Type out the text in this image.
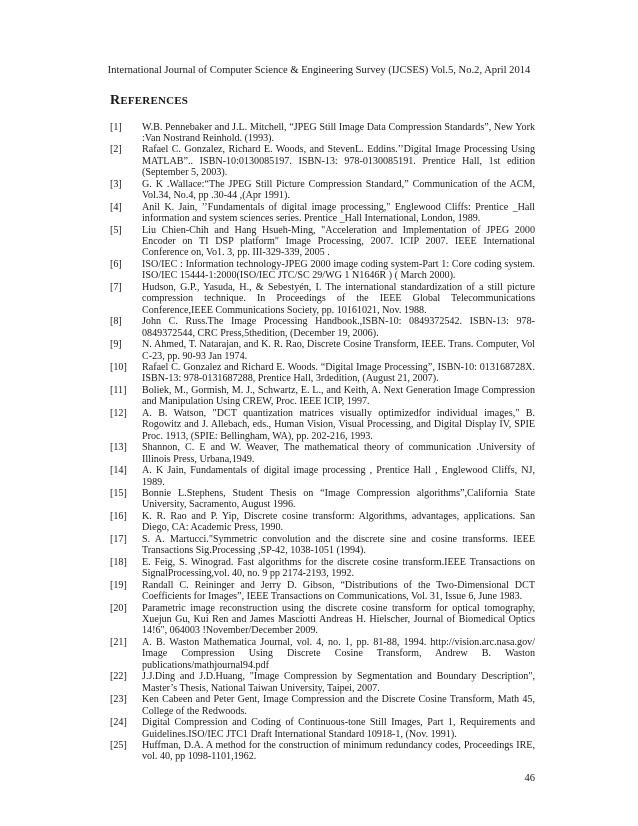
International Journal of Computer Science & Engineering Survey (IJCSES) Vol.5, No.2, April 2014
REFERENCES
[1]	W.B. Pennebaker and J.L. Mitchell, “JPEG Still Image Data Compression Standards”, New York :Van Nostrand Reinhold. (1993).
[2]	Rafael C. Gonzalez, Richard E. Woods, and StevenL. Eddins.’’Digital Image Processing Using MATLAB”.. ISBN-10:0130085197. ISBN-13: 978-0130085191. Prentice Hall, 1st edition (September 5, 2003).
[3]	G. K .Wallace:“The JPEG Still Picture Compression Standard,” Communication of the ACM, Vol.34, No.4, pp .30-44 ,(Apr 1991).
[4]	Anil K. Jain, ’’Fundamentals of digital image processing," Englewood Cliffs: Prentice _Hall information and system sciences series. Prentice _Hall International, London, 1989.
[5]	Liu Chien-Chih and Hang Hsueh-Ming, "Acceleration and Implementation of JPEG 2000 Encoder on TI DSP platform" Image Processing, 2007. ICIP 2007. IEEE International Conference on, Vo1. 3, pp. III-329-339, 2005 .
[6]	ISO/IEC : Information technology-JPEG 2000 image coding system-Part 1: Core coding system. ISO/IEC 15444-1:2000(ISO/IEC JTC/SC 29/WG 1 N1646R ) ( March 2000).
[7]	Hudson, G.P., Yasuda, H., & Sebestyén, I. The international standardization of a still picture compression technique. In Proceedings of the IEEE Global Telecommunications Conference,IEEE Communications Society, pp. 10161021, Nov. 1988.
[8]	John C. Russ.The Image Processing Handbook.,ISBN-10: 0849372542. ISBN-13: 978- 0849372544, CRC Press,5thedition, (December 19, 2006).
[9]	N. Ahmed, T. Natarajan, and K. R. Rao, Discrete Cosine Transform, IEEE. Trans. Computer, Vol C-23, pp. 90-93 Jan 1974.
[10]	Rafael C. Gonzalez and Richard E. Woods. “Digital Image Processing”, ISBN-10: 013168728X. ISBN-13: 978-0131687288, Prentice Hall, 3rdedition, (August 21, 2007).
[11]	Boliek, M., Gormish, M. J., Schwartz, E. L., and Keith, A. Next Generation Image Compression and Manipulation Using CREW, Proc. IEEE ICIP, 1997.
[12]	A. B. Watson, "DCT quantization matrices visually optimizedfor individual images," B. Rogowitz and J. Allebach, eds., Human Vision, Visual Processing, and Digital Display IV, SPIE Proc. 1913, (SPIE: Bellingham, WA), pp. 202-216, 1993.
[13]	Shannon, C. E and W. Weaver, The mathematical theory of communication .University of Illinois Press, Urbana,1949.
[14]	A. K Jain, Fundamentals of digital image processing , Prentice Hall , Englewood Cliffs, NJ, 1989.
[15]	Bonnie L.Stephens, Student Thesis on “Image Compression algorithms”,California State University, Sacramento, August 1996.
[16]	K. R. Rao and P. Yip, Discrete cosine transform: Algorithms, advantages, applications. San Diego, CA: Academic Press, 1990.
[17]	S. A. Martucci."Symmetric convolution and the discrete sine and cosine transforms. IEEE Transactions Sig.Processing ,SP-42, 1038-1051 (1994).
[18]	E. Feig, S. Winograd. Fast algorithms for the discrete cosine transform.IEEE Transactions on SignalProcessing,vol. 40, no. 9 pp 2174-2193, 1992.
[19]	Randall C. Reininger and Jerry D. Gibson, “Distributions of the Two-Dimensional DCT Coefficients for Images”, IEEE Transactions on Communications, Vol. 31, Issue 6, June 1983.
[20]	Parametric image reconstruction using the discrete cosine transform for optical tomography, Xuejun Gu, Kui Ren and James Masciotti Andreas H. Hielscher, Journal of Biomedical Optics 14!6", 064003 !November/December 2009.
[21]	A. B. Waston Mathematica Journal, vol. 4, no. 1, pp. 81-88, 1994. http://vision.arc.nasa.gov/ Image Compression Using Discrete Cosine Transform, Andrew B. Waston publications/mathjournal94.pdf
[22]	J.J.Ding and J.D.Huang, "Image Compression by Segmentation and Boundary Description", Master’s Thesis, National Taiwan University, Taipei, 2007.
[23]	Ken Cabeen and Peter Gent, Image Compression and the Discrete Cosine Transform, Math 45, College of the Redwoods.
[24]	Digital Compression and Coding of Continuous-tone Still Images, Part 1, Requirements and Guidelines.ISO/IEC JTC1 Draft International Standard 10918-1, (Nov. 1991).
[25]	Huffman, D.A. A method for the construction of minimum redundancy codes, Proceedings IRE, vol. 40, pp 1098-1101,1962.
46
